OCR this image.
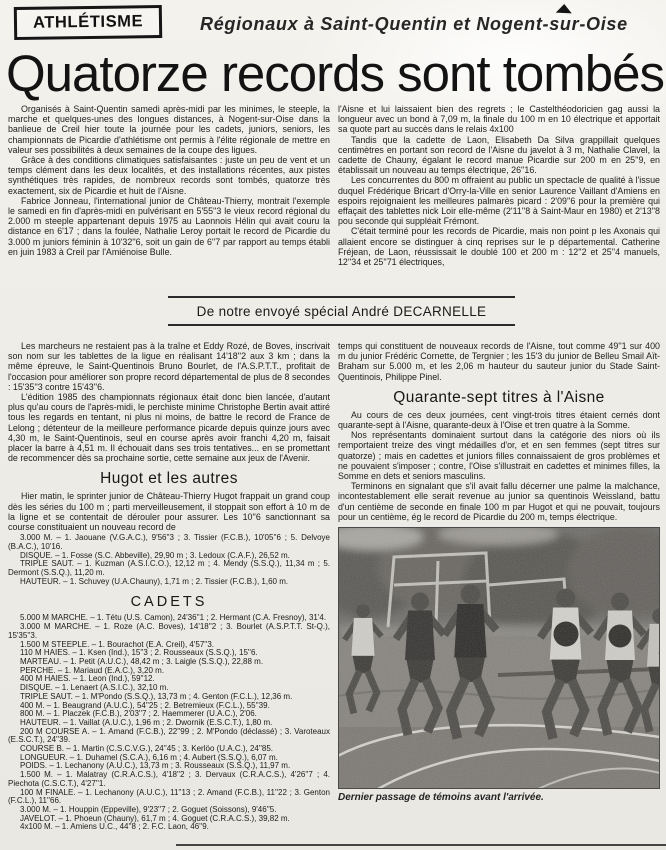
ATHLÉTISME	Régionaux à Saint-Quentin et Nogent-sur-Oise
Quatorze records sont tombés

Organisés à Saint-Quentin samedi après-midi par les minimes, le steeple, la marche et quelques-unes des longues distances, à Nogent-sur-Oise dans la banlieue de Creil hier toute la journée pour les cadets, juniors, seniors, les championnats de Picardie d'athlétisme ont permis à l'élite régionale de mettre en valeur ses possibilités à deux semaines de la coupe des ligues.

Grâce à des conditions climatiques satisfaisantes : juste un peu de vent et un temps clément dans les deux localités, et des installations récentes, aux pistes synthétiques très rapides, de nombreux records sont tombés, quatorze très exactement, six de Picardie et huit de l'Aisne.

Fabrice Jonneau, l'international junior de Château-Thierry, montrait l'exemple le samedi en fin d'après-midi en pulvérisant en 5'55''3 le vieux record régional du 2.000 m steeple appartenant depuis 1975 au Laonnois Hélin qui avait couru la distance en 6'17 ; dans la foulée, Nathalie Leroy portait le record de Picardie du 3.000 m juniors féminin à 10'32''6, soit un gain de 6''7 par rapport au temps établi en juin 1983 à Creil par l'Amiénoise Bulle.

l'Aisne et lui laissaient bien des regrets ; le Castelthéodoricien gag aussi la longueur avec un bond à 7,09 m, la finale du 100 m en 10 électrique et apportait sa quote part au succès dans le relais 4x100

Tandis que la cadette de Laon, Elisabeth Da Silva grappillait quelques centimètres en portant son record de l'Aisne du javelot à 3 m, Nathalie Clavel, la cadette de Chauny, égalant le record manue Picardie sur 200 m en 25''9, en établissait un nouveau au temps électrique, 26''16.

Les concurrentes du 800 m offraient au public un spectacle de qualité à l'issue duquel Frédérique Bricart d'Orry-la-Ville en senior Laurence Vaillant d'Amiens en espoirs rejoignaient les meilleures palmarès picard : 2'09''6 pour la première qui effaçait des tablettes nick Loir elle-même (2'11''8 à Saint-Maur en 1980) et 2'13''8 pou seconde qui suppléait Frémont.

C'était terminé pour les records de Picardie, mais non point p les Axonais qui allaient encore se distinguer à cinq reprises sur le p départemental. Catherine Fréjean, de Laon, réussissait le doublé 100 et 200 m : 12''2 et 25''4 manuels, 12''34 et 25''71 électriques,

De notre envoyé spécial André DECARNELLE

Les marcheurs ne restaient pas à la traîne et Eddy Rozé, de Boves, inscrivait son nom sur les tablettes de la ligue en réalisant 14'18''2 aux 3 km ; dans la même épreuve, le Saint-Quentinois Bruno Bourlet, de l'A.S.P.T.T., profitait de l'occasion pour améliorer son propre record départemental de plus de 8 secondes : 15'35''3 contre 15'43''6.

L'édition 1985 des championnats régionaux était donc bien lancée, d'autant plus qu'au cours de l'après-midi, le perchiste minime Christophe Bertin avait attiré tous les regards en tentant, ni plus ni moins, de battre le record de France de Lelong ; détenteur de la meilleure performance picarde depuis quinze jours avec 4,30 m, le Saint-Quentinois, seul en course après avoir franchi 4,20 m, faisait placer la barre à 4,51 m. Il échouait dans ses trois tentatives... en se promettant de recommencer dès sa prochaine sortie, cette semaine aux jeux de l'Avenir.

Hugot et les autres

Hier matin, le sprinter junior de Château-Thierry Hugot frappait un grand coup dès les séries du 100 m ; parti merveilleusement, il stoppait son effort à 10 m de la ligne et se contentait de dérouler pour assurer. Les 10''6 sanctionnant sa course constituaient un nouveau record de

3.000 M. – 1. Jaouane (V.G.A.C.), 9'56''3 ; 3. Tissier (F.C.B.), 10'05''6 ; 5. Delvoye (B.A.C.), 10'16.

DISQUE. – 1. Fosse (S.C. Abbeville), 29,90 m ; 3. Ledoux (C.A.F.), 26,52 m.

TRIPLE SAUT. – 1. Kuzman (A.S.I.C.O.), 12,12 m ; 4. Mendy (S.S.Q.), 11,34 m ; 5. Dermont (S.S.Q.), 11,20 m.

HAUTEUR. – 1. Schuvey (U.A.Chauny), 1,71 m ; 2. Tissier (F.C.B.), 1,60 m.

CADETS

5.000 M MARCHE. – 1. Tétu (U.S. Camon), 24'36''1 ; 2. Hermant (C.A. Fresnoy), 31'4.

3.000 M MARCHE. – 1. Roze (A.C. Boves), 14'18''2 ; 3. Bourlet (A.S.P.T.T. St-Q.), 15'35''3.

1.500 M STEEPLE. – 1. Bourachot (E.A. Creil), 4'57''3.

110 M HAIES. – 1. Ksen (Ind.), 15''3 ; 2. Rousseaux (S.S.Q.), 15''6.

MARTEAU. – 1. Petit (A.U.C.), 48,42 m ; 3. Laigle (S.S.Q.), 22,88 m.

PERCHE. – 1. Mariaud (E.A.C.), 3,20 m.

400 M HAIES. – 1. Leon (Ind.), 59''12.

DISQUE. – 1. Lenaert (A.S.I.C.), 32,10 m.

TRIPLE SAUT. – 1. M'Pondo (S.S.Q.), 13,73 m ; 4. Genton (F.C.L.), 12,36 m.

400 M. – 1. Beaugrand (A.U.C.), 54''25 ; 2. Betremieux (F.C.L.), 55''39.

800 M. – 1. Placzek (F.C.B.), 2'03''7 ; 2. Haemmerer (U.A.C.), 2'06.

HAUTEUR. – 1. Vaillat (A.U.C.), 1,96 m ; 2. Dwornik (E.S.C.T.), 1,80 m.

200 M COURSE A. – 1. Amand (F.C.B.), 22''99 ; 2. M'Pondo (déclassé) ; 3. Varoteaux (E.S.C.T.), 24''39.

COURSE B. – 1. Martin (C.S.C.V.G.), 24''45 ; 3. Kerlöo (U.A.C.), 24''85.

LONGUEUR. – 1. Duhamel (S.C.A.), 6,16 m ; 4. Aubert (S.S.Q.), 6,07 m.

POIDS. – 1. Lechanony (A.U.C.), 13,73 m ; 3. Rousseaux (S.S.Q.), 11,97 m.

1.500 M. – 1. Malatray (C.R.A.C.S.), 4'18''2 ; 3. Dervaux (C.R.A.C.S.), 4'26''7 ; 4. Piechota (C.S.C.T.), 4'27''1.

100 M FINALE. – 1. Lechanony (A.U.C.), 11''13 ; 2. Amand (F.C.B.), 11''22 ; 3. Genton (F.C.L.), 11''66.

3.000 M. – 1. Houppin (Eppeville), 9'23''7 ; 2. Goguet (Soissons), 9'46''5.

JAVELOT. – 1. Phoeun (Chauny), 61,7 m ; 4. Goguet (C.R.A.C.S.), 39,82 m.

4x100 M. – 1. Amiens U.C., 44''8 ; 2. F.C. Laon, 46''9.

temps qui constituent de nouveaux records de l'Aisne, tout comme 49''1 sur 400 m du junior Frédéric Cornette, de Tergnier ; les 15'3 du junior de Belleu Smail Aït-Braham sur 5.000 m, et les 2,06 m hauteur du sauteur junior du Stade Saint-Quentinois, Philippe Pinel.

Quarante-sept titres à l'Aisne

Au cours de ces deux journées, cent vingt-trois titres étaient cernés dont quarante-sept à l'Aisne, quarante-deux à l'Oise et tren quatre à la Somme.

Nos représentants dominaient surtout dans la catégorie des niors où ils remportaient treize des vingt médailles d'or, et en sen femmes (sept titres sur quatorze) ; mais en cadettes et juniors filles connaissaient de gros problèmes et ne pouvaient s'imposer ; contre, l'Oise s'illustrait en cadettes et minimes filles, la Somme en dets et seniors masculins.

Terminons en signalant que s'il avait fallu décerner une palme la malchance, incontestablement elle serait revenue au junior sa quentinois Weissland, battu d'un centième de seconde en finale 100 m par Hugot et qui ne pouvait, toujours pour un centième, ég le record de Picardie du 200 m, temps électrique.

Dernier passage de témoins avant l'arrivée.
